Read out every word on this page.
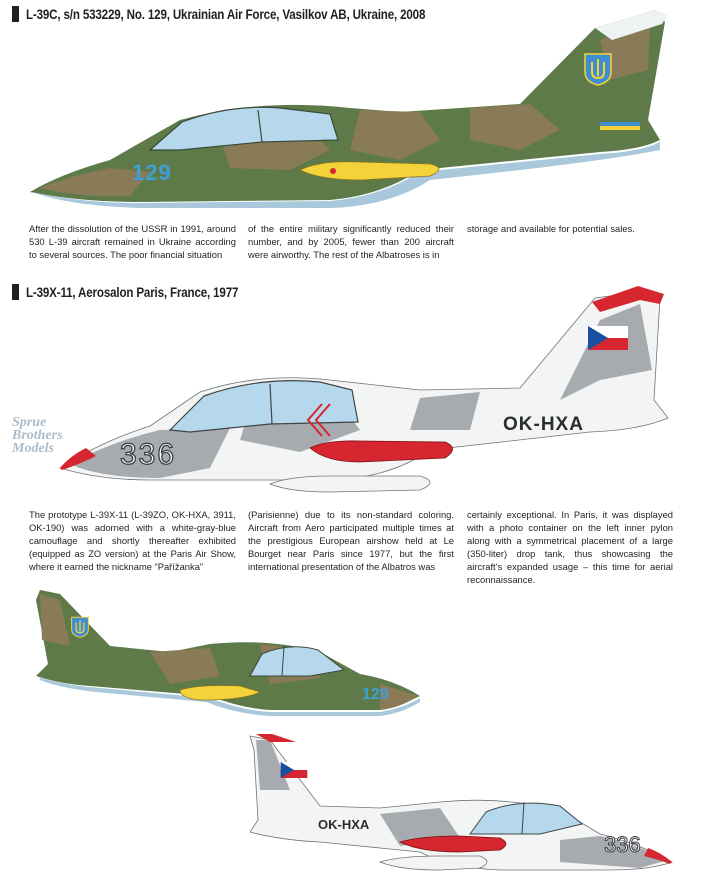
L-39C, s/n 533229, No. 129, Ukrainian Air Force, Vasilkov AB, Ukraine, 2008
129
After the dissolution of the USSR in 1991, around 530 L-39 aircraft remained in Ukraine according to several sources. The poor financial situation
of the entire military significantly reduced their number, and by 2005, fewer than 200 aircraft were airworthy. The rest of the Albatroses is in
storage and available for potential sales.
L-39X-11, Aerosalon Paris, France, 1977
OK-HXA
336
Sprue
Brothers
Models
The prototype L-39X-11 (L-39ZO, OK-HXA, 3911, OK-190) was adorned with a white-gray-blue camouflage and shortly thereafter exhibited (equipped as ZO version) at the Paris Air Show, where it earned the nickname “Pařížanka”
(Parisienne) due to its non-standard coloring. Aircraft from Aero participated multiple times at the prestigious European airshow held at Le Bourget near Paris since 1977, but the first international presentation of the Albatros was
certainly exceptional. In Paris, it was displayed with a photo container on the left inner pylon along with a symmetrical placement of a large (350-liter) drop tank, thus showcasing the aircraft’s expanded usage – this time for aerial reconnaissance.
129
OK-HXA
336
